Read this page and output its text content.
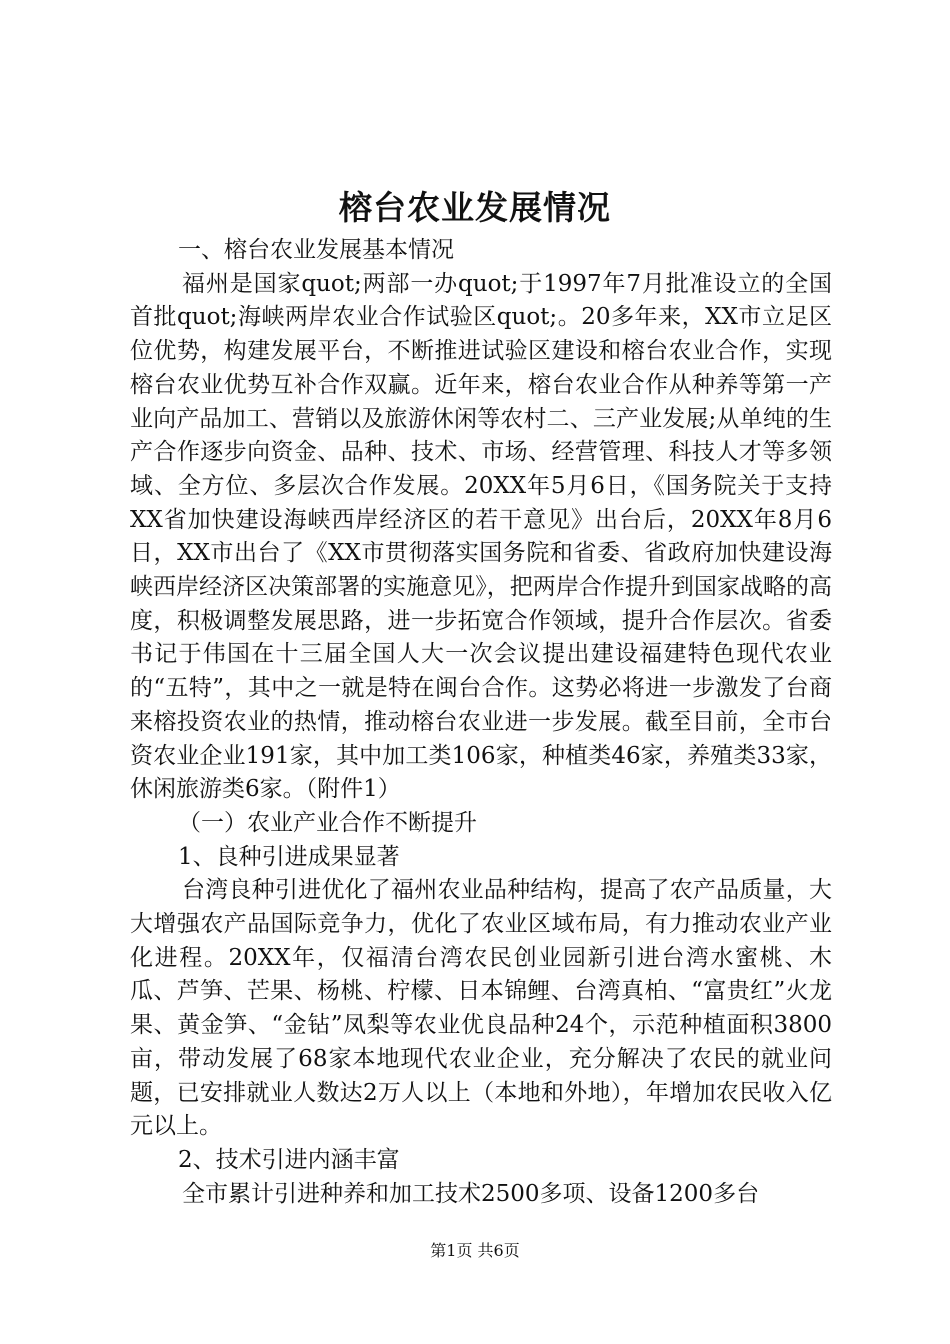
榕台农业发展情况

一、榕台农业发展基本情况

福州是国家quot;两部一办quot;于1997年7月批准设立的全国首批quot;海峡两岸农业合作试验区quot;。20多年来，XX市立足区位优势，构建发展平台，不断推进试验区建设和榕台农业合作，实现榕台农业优势互补合作双赢。近年来，榕台农业合作从种养等第一产业向产品加工、营销以及旅游休闲等农村二、三产业发展;从单纯的生产合作逐步向资金、品种、技术、市场、经营管理、科技人才等多领域、全方位、多层次合作发展。20XX年5月6日，《国务院关于支持XX省加快建设海峡西岸经济区的若干意见》出台后，20XX年8月6日，XX市出台了《XX市贯彻落实国务院和省委、省政府加快建设海峡西岸经济区决策部署的实施意见》，把两岸合作提升到国家战略的高度，积极调整发展思路，进一步拓宽合作领域，提升合作层次。省委书记于伟国在十三届全国人大一次会议提出建设福建特色现代农业的“五特”，其中之一就是特在闽台合作。这势必将进一步激发了台商来榕投资农业的热情，推动榕台农业进一步发展。截至目前，全市台资农业企业191家，其中加工类106家，种植类46家，养殖类33家，休闲旅游类6家。（附件1）

（一）农业产业合作不断提升

1、良种引进成果显著

台湾良种引进优化了福州农业品种结构，提高了农产品质量，大大增强农产品国际竞争力，优化了农业区域布局，有力推动农业产业化进程。20XX年，仅福清台湾农民创业园新引进台湾水蜜桃、木瓜、芦笋、芒果、杨桃、柠檬、日本锦鲤、台湾真柏、“富贵红”火龙果、黄金笋、“金钻”凤梨等农业优良品种24个，示范种植面积3800亩，带动发展了68家本地现代农业企业，充分解决了农民的就业问题，已安排就业人数达2万人以上（本地和外地），年增加农民收入亿元以上。

2、技术引进内涵丰富

全市累计引进种养和加工技术2500多项、设备1200多台

第1页 共6页
